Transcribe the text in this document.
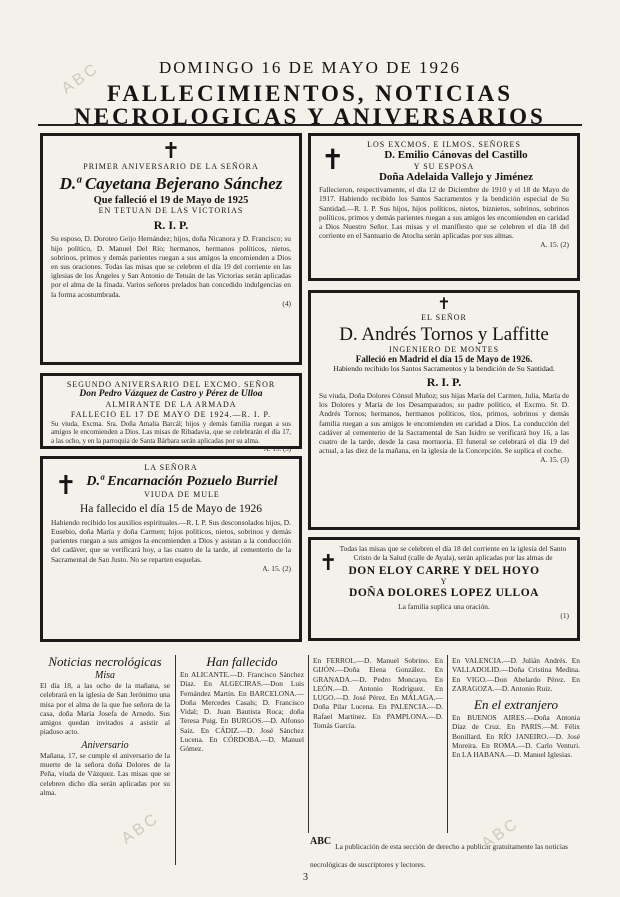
DOMINGO 16 DE MAYO DE 1926
FALLECIMIENTOS, NOTICIAS NECROLOGICAS Y ANIVERSARIOS
✝
PRIMER ANIVERSARIO DE LA SEÑORA
D.ª Cayetana Bejerano Sánchez
Que falleció el 19 de Mayo de 1925
EN TETUAN DE LAS VICTORIAS
R. I. P.
Su esposo, D. Doroteo Geijo Hernández; hijos, doña Nicanora y D. Francisco; su hijo político, D. Manuel Del Río; hermanos, hermanos políticos, nietos, sobrinos, primos y demás parientes ruegan a sus amigos la encomienden a Dios en sus oraciones. Todas las misas que se celebren el día 19 del corriente en las iglesias de los Ángeles y San Antonio de Tetuán de las Victorias serán aplicadas por el alma de la finada. Varios señores prelados han concedido indulgencias en la forma acostumbrada.
(4)
SEGUNDO ANIVERSARIO DEL EXCMO. SEÑOR
Don Pedro Vázquez de Castro y Pérez de Ulloa
ALMIRANTE DE LA ARMADA
FALLECIO EL 17 DE MAYO DE 1924.—R. I. P.
Su viuda, Excma. Sra. Doña Amalia Barcál; hijos y demás familia ruegan a sus amigos le encomienden a Dios. Las misas de Ribadavia, que se celebrarán el día 17, a las ocho, y en la parroquia de Santa Bárbara serán aplicadas por su alma.
A. 15. (5)
✝
LA SEÑORA
D.ª Encarnación Pozuelo Burriel
VIUDA DE MULE
Ha fallecido el día 15 de Mayo de 1926
Habiendo recibido los auxilios espirituales.—R. I. P. Sus desconsolados hijos, D. Eusebio, doña María y doña Carmen; hijos políticos, nietos, sobrinos y demás parientes ruegan a sus amigos la encomienden a Dios y asistan a la conducción del cadáver, que se verificará hoy, a las cuatro de la tarde, al cementerio de la Sacramental de San Justo. No se reparten esquelas.
A. 15. (2)
✝
LOS EXCMOS. E ILMOS. SEÑORES
D. Emilio Cánovas del Castillo
Y SU ESPOSA
Doña Adelaida Vallejo y Jiménez
Fallecieron, respectivamente, el día 12 de Diciembre de 1910 y el 18 de Mayo de 1917. Habiendo recibido los Santos Sacramentos y la bendición especial de Su Santidad.—R. I. P. Sus hijos, hijos políticos, nietos, biznietos, sobrinos, sobrinos políticos, primos y demás parientes ruegan a sus amigos les encomienden en caridad a Dios Nuestro Señor. Las misas y el manifiesto que se celebren el día 18 del corriente en el Santuario de Atocha serán aplicadas por sus almas.
A. 15. (2)
✝
EL SEÑOR
D. Andrés Tornos y Laffitte
INGENIERO DE MONTES
Falleció en Madrid el día 15 de Mayo de 1926.
Habiendo recibido los Santos Sacramentos y la bendición de Su Santidad.
R. I. P.
Su viuda, Doña Dolores Cónsul Muñoz; sus hijas María del Carmen, Julia, María de los Dolores y María de los Desamparados; su padre político, el Excmo. Sr. D. Andrés Tornos; hermanos, hermanos políticos, tíos, primos, sobrinos y demás familia ruegan a sus amigos le encomienden en caridad a Dios. La conducción del cadáver al cementerio de la Sacramental de San Isidro se verificará hoy 16, a las cuatro de la tarde, desde la casa mortuoria. El funeral se celebrará el día 19 del actual, a las diez de la mañana, en la iglesia de la Concepción. Se suplica el coche.
A. 15. (3)
✝
Todas las misas que se celebren el día 18 del corriente en la iglesia del Santo Cristo de la Salud (calle de Ayala), serán aplicadas por las almas de
DON ELOY CARRE Y DEL HOYO
Y
DOÑA DOLORES LOPEZ ULLOA
La familia suplica una oración.
(1)
Noticias necrológicas
Misa
El día 18, a las ocho de la mañana, se celebrará en la iglesia de San Jerónimo una misa por el alma de la que fue señora de la casa, doña María Josefa de Arnedo. Sus amigos quedan invitados a asistir al piadoso acto.
Aniversario
Mañana, 17, se cumple el aniversario de la muerte de la señora doña Dolores de la Peña, viuda de Vázquez. Las misas que se celebren dicho día serán aplicadas por su alma.
Han fallecido
En ALICANTE.—D. Francisco Sánchez Díaz. En ALGECIRAS.—Don Luis Fernández Martín. En BARCELONA.—Doña Mercedes Casals; D. Francisco Vidal; D. Juan Bautista Roca; doña Teresa Puig. En BURGOS.—D. Alfonso Saiz. En CÁDIZ.—D. José Sánchez Lucena. En CÓRDOBA.—D. Manuel Gómez.
En FERROL.—D. Manuel Sobrino. En GIJÓN.—Doña Elena González. En GRANADA.—D. Pedro Moncayo. En LEÓN.—D. Antonio Rodríguez. En LUGO.—D. José Pérez. En MÁLAGA.—Doña Pilar Lucena. En PALENCIA.—D. Rafael Martínez. En PAMPLONA.—D. Tomás García.
En VALENCIA.—D. Julián Andrés. En VALLADOLID.—Doña Cristina Medina. En VIGO.—Don Abelardo Pérez. En ZARAGOZA.—D. Antonio Ruiz.
En el extranjero
En BUENOS AIRES.—Doña Antonia Díaz de Cruz. En PARIS.—M. Félix Bonillard. En RÍO JANEIRO.—D. José Moreira. En ROMA.—D. Carlo Venturi. En LA HABANA.—D. Manuel Iglesias.
ABC La publicación de esta sección de derecho a publicar gratuitamente las noticias necrológicas de suscriptores y lectores.
3
ABC
ABC	ABC
